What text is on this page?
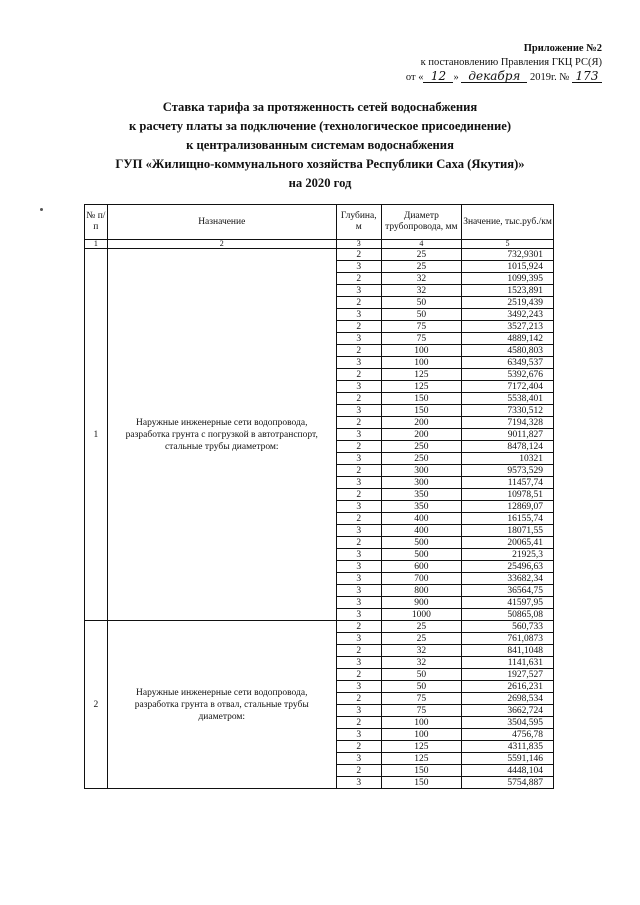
Приложение №2
к постановлению Правления ГКЦ РС(Я)
от « 12 » декабря 2019г. № 173
Ставка тарифа за протяженность сетей водоснабжения
к расчету платы за подключение (технологическое присоединение)
к централизованным системам водоснабжения
ГУП «Жилищно-коммунального хозяйства Республики Саха (Якутия)»
на 2020 год
№ п/п	Назначение	Глубина, м	Диаметр трубопровода, мм	Значение, тыс.руб./км
1	2	3	4	5
1	Наружные инженерные сети водопровода, разработка грунта с погрузкой в автотранспорт, стальные трубы диаметром:	2	25	732,9301
		3	25	1015,924
		2	32	1099,395
		3	32	1523,891
		2	50	2519,439
		3	50	3492,243
		2	75	3527,213
		3	75	4889,142
		2	100	4580,803
		3	100	6349,537
		2	125	5392,676
		3	125	7172,404
		2	150	5538,401
		3	150	7330,512
		2	200	7194,328
		3	200	9011,827
		2	250	8478,124
		3	250	10321
		2	300	9573,529
		3	300	11457,74
		2	350	10978,51
		3	350	12869,07
		2	400	16155,74
		3	400	18071,55
		2	500	20065,41
		3	500	21925,3
		3	600	25496,63
		3	700	33682,34
		3	800	36564,75
		3	900	41597,95
		3	1000	50865,08
2	Наружные инженерные сети водопровода, разработка грунта в отвал, стальные трубы диаметром:	2	25	560,733
		3	25	761,0873
		2	32	841,1048
		3	32	1141,631
		2	50	1927,527
		3	50	2616,231
		2	75	2698,534
		3	75	3662,724
		2	100	3504,595
		3	100	4756,78
		2	125	4311,835
		3	125	5591,146
		2	150	4448,104
		3	150	5754,887
